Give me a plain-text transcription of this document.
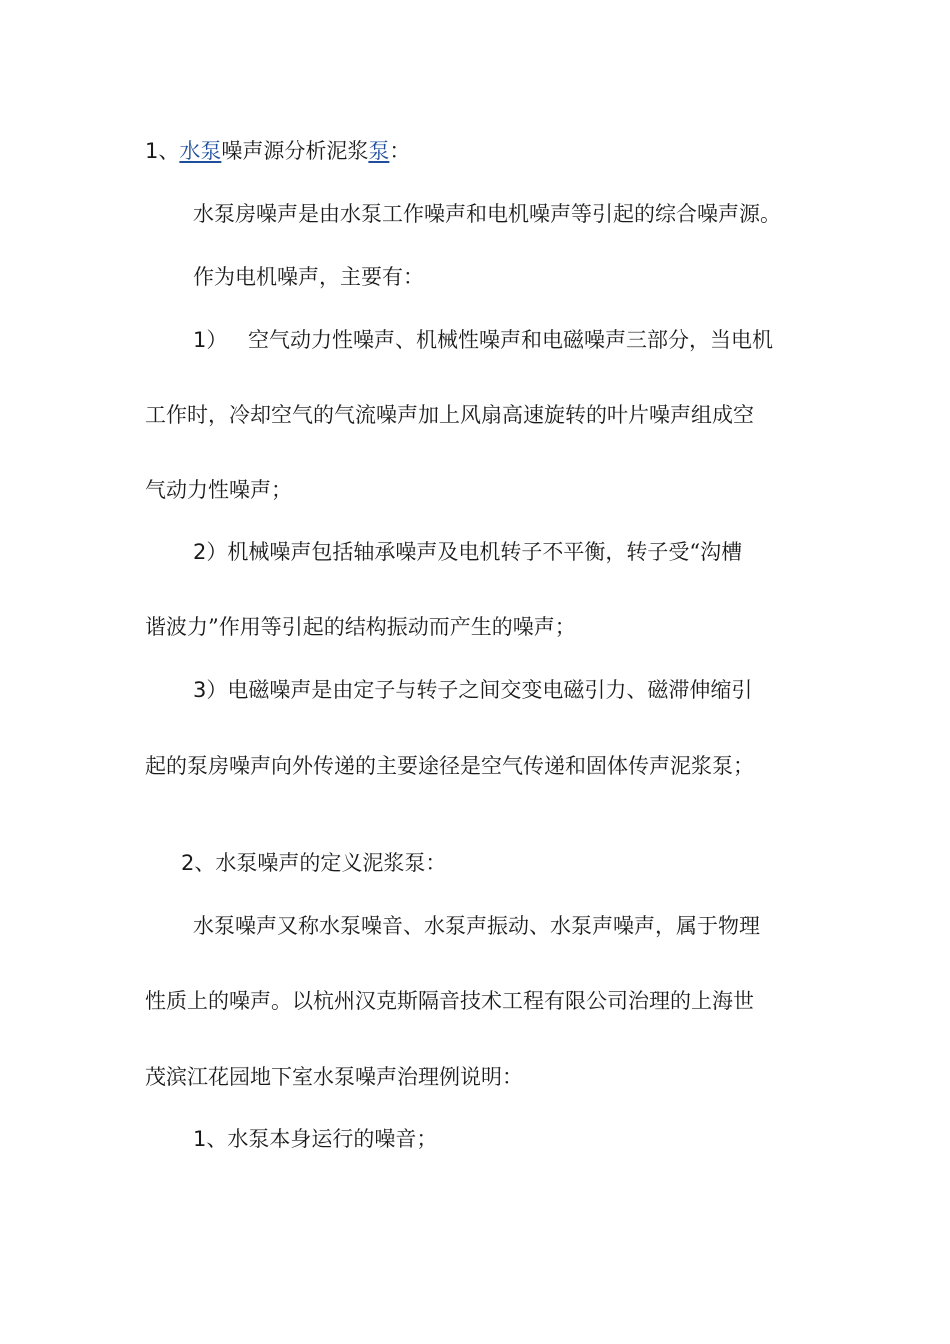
1、水泵噪声源分析泥浆泵：
水泵房噪声是由水泵工作噪声和电机噪声等引起的综合噪声源。
作为电机噪声，主要有：
1） 空气动力性噪声、机械性噪声和电磁噪声三部分，当电机
工作时，冷却空气的气流噪声加上风扇高速旋转的叶片噪声组成空
气动力性噪声；
2）机械噪声包括轴承噪声及电机转子不平衡，转子受“沟槽
谐波力”作用等引起的结构振动而产生的噪声；
3）电磁噪声是由定子与转子之间交变电磁引力、磁滞伸缩引
起的泵房噪声向外传递的主要途径是空气传递和固体传声泥浆泵；
2、水泵噪声的定义泥浆泵：
水泵噪声又称水泵噪音、水泵声振动、水泵声噪声，属于物理
性质上的噪声。以杭州汉克斯隔音技术工程有限公司治理的上海世
茂滨江花园地下室水泵噪声治理例说明：
1、水泵本身运行的噪音；
